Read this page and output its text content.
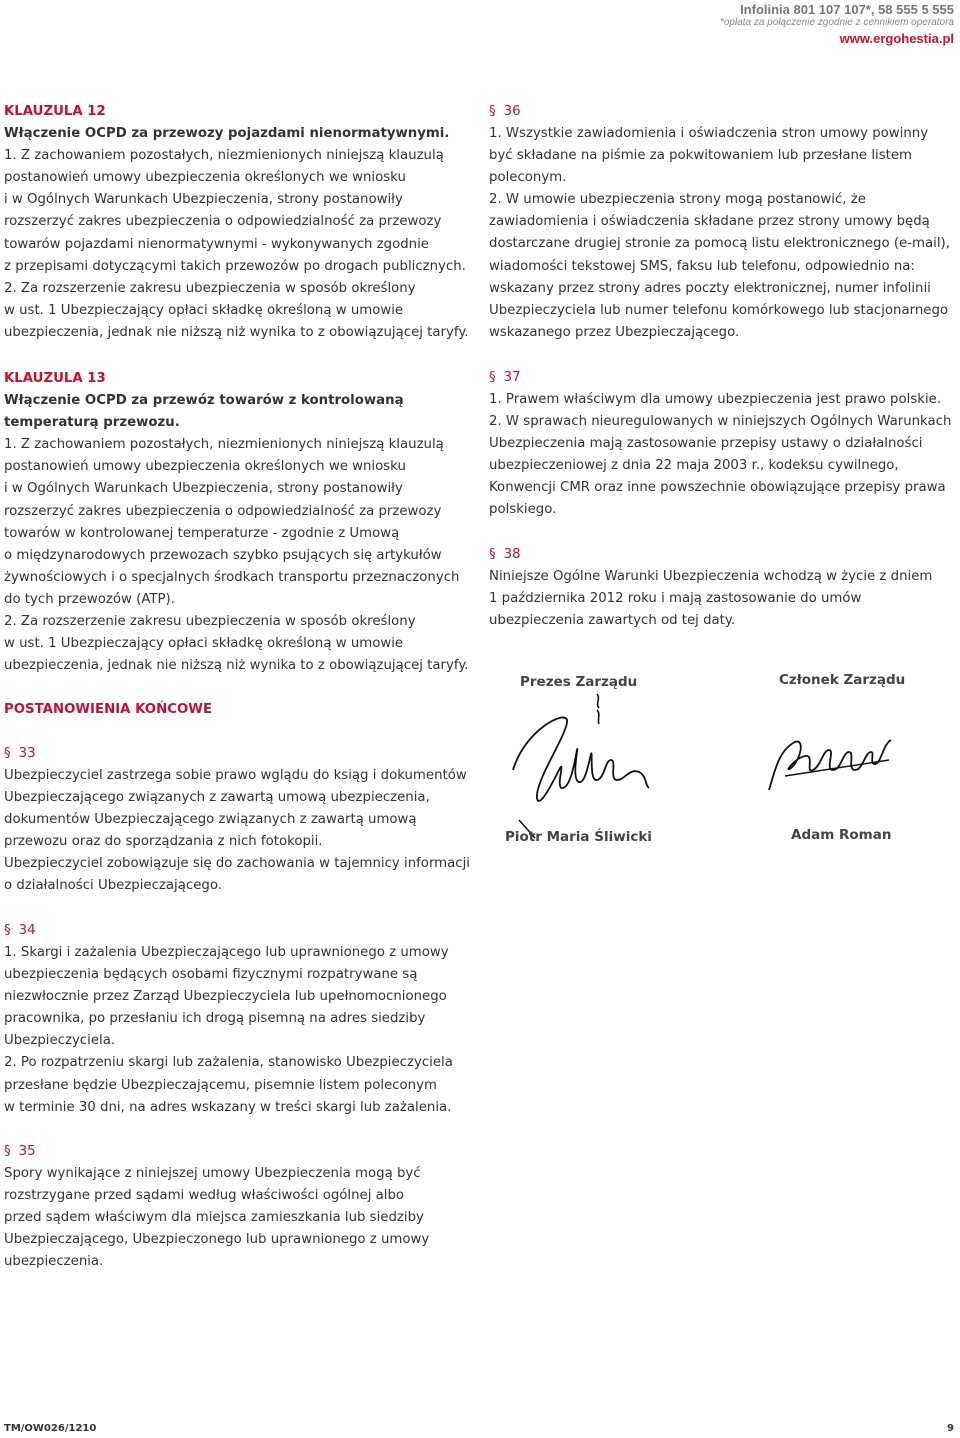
Infolinia 801 107 107*, 58 555 5 555
*opłata za połączenie zgodnie z cennikiem operatora
www.ergohestia.pl

KLAUZULA 12

Włączenie OCPD za przewozy pojazdami nienormatywnymi.

1. Z zachowaniem pozostałych, niezmienionych niniejszą klauzulą

postanowień umowy ubezpieczenia określonych we wniosku

i w Ogólnych Warunkach Ubezpieczenia, strony postanowiły

rozszerzyć zakres ubezpieczenia o odpowiedzialność za przewozy

towarów pojazdami nienormatywnymi - wykonywanych zgodnie

z przepisami dotyczącymi takich przewozów po drogach publicznych.

2. Za rozszerzenie zakresu ubezpieczenia w sposób określony

w ust. 1 Ubezpieczający opłaci składkę określoną w umowie

ubezpieczenia, jednak nie niższą niż wynika to z obowiązującej taryfy.

KLAUZULA 13

Włączenie OCPD za przewóz towarów z kontrolowaną

temperaturą przewozu.

1. Z zachowaniem pozostałych, niezmienionych niniejszą klauzulą

postanowień umowy ubezpieczenia określonych we wniosku

i w Ogólnych Warunkach Ubezpieczenia, strony postanowiły

rozszerzyć zakres ubezpieczenia o odpowiedzialność za przewozy

towarów w kontrolowanej temperaturze - zgodnie z Umową

o międzynarodowych przewozach szybko psujących się artykułów

żywnościowych i o specjalnych środkach transportu przeznaczonych

do tych przewozów (ATP).

2. Za rozszerzenie zakresu ubezpieczenia w sposób określony

w ust. 1 Ubezpieczający opłaci składkę określoną w umowie

ubezpieczenia, jednak nie niższą niż wynika to z obowiązującej taryfy.

POSTANOWIENIA KOŃCOWE

§ 33

Ubezpieczyciel zastrzega sobie prawo wglądu do ksiąg i dokumentów

Ubezpieczającego związanych z zawartą umową ubezpieczenia,

dokumentów Ubezpieczającego związanych z zawartą umową

przewozu oraz do sporządzania z nich fotokopii.

Ubezpieczyciel zobowiązuje się do zachowania w tajemnicy informacji

o działalności Ubezpieczającego.

§ 34

1. Skargi i zażalenia Ubezpieczającego lub uprawnionego z umowy

ubezpieczenia będących osobami fizycznymi rozpatrywane są

niezwłocznie przez Zarząd Ubezpieczyciela lub upełnomocnionego

pracownika, po przesłaniu ich drogą pisemną na adres siedziby

Ubezpieczyciela.

2. Po rozpatrzeniu skargi lub zażalenia, stanowisko Ubezpieczyciela

przesłane będzie Ubezpieczającemu, pisemnie listem poleconym

w terminie 30 dni, na adres wskazany w treści skargi lub zażalenia.

§ 35

Spory wynikające z niniejszej umowy Ubezpieczenia mogą być

rozstrzygane przed sądami według właściwości ogólnej albo

przed sądem właściwym dla miejsca zamieszkania lub siedziby

Ubezpieczającego, Ubezpieczonego lub uprawnionego z umowy

ubezpieczenia.

§ 36

1. Wszystkie zawiadomienia i oświadczenia stron umowy powinny

być składane na piśmie za pokwitowaniem lub przesłane listem

poleconym.

2. W umowie ubezpieczenia strony mogą postanowić, że

zawiadomienia i oświadczenia składane przez strony umowy będą

dostarczane drugiej stronie za pomocą listu elektronicznego (e-mail),

wiadomości tekstowej SMS, faksu lub telefonu, odpowiednio na:

wskazany przez strony adres poczty elektronicznej, numer infolinii

Ubezpieczyciela lub numer telefonu komórkowego lub stacjonarnego

wskazanego przez Ubezpieczającego.

§ 37

1. Prawem właściwym dla umowy ubezpieczenia jest prawo polskie.

2. W sprawach nieuregulowanych w niniejszych Ogólnych Warunkach

Ubezpieczenia mają zastosowanie przepisy ustawy o działalności

ubezpieczeniowej z dnia 22 maja 2003 r., kodeksu cywilnego,

Konwencji CMR oraz inne powszechnie obowiązujące przepisy prawa

polskiego.

§ 38

Niniejsze Ogólne Warunki Ubezpieczenia wchodzą w życie z dniem

1 października 2012 roku i mają zastosowanie do umów

ubezpieczenia zawartych od tej daty.

Prezes Zarządu	Członek Zarządu
Piotr Maria Śliwicki	Adam Roman
TM/OW026/1210	9
